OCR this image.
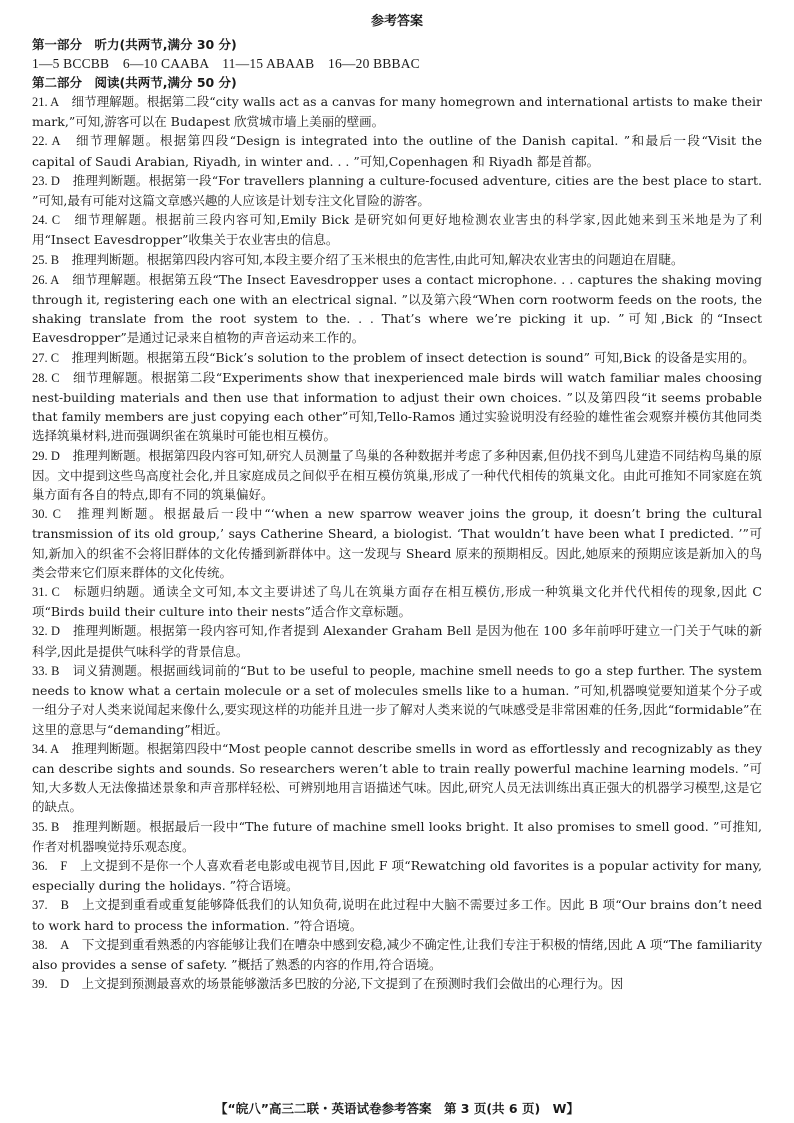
参考答案
第一部分　听力(共两节,满分 30 分)
1—5 BCCBB　6—10 CAABA　11—15 ABAAB　16—20 BBBAC
第二部分　阅读(共两节,满分 50 分)

21. A　 细节理解题。根据第二段“city walls act as a canvas for many homegrown and international artists to make their mark,”可知,游客可以在 Budapest 欣赏城市墙上美丽的壁画。

22. A　 细节理解题。根据第四段“Design is integrated into the outline of the Danish capital. ”和最后一段“Visit the capital of Saudi Arabian, Riyadh, in winter and. . . ”可知,Copenhagen 和 Riyadh 都是首都。

23. D　 推理判断题。根据第一段“For travellers planning a culture-focused adventure, cities are the best place to start. ”可知,最有可能对这篇文章感兴趣的人应该是计划专注文化冒险的游客。

24. C　 细节理解题。根据前三段内容可知,Emily Bick 是研究如何更好地检测农业害虫的科学家,因此她来到玉米地是为了利用“Insect Eavesdropper”收集关于农业害虫的信息。

25. B　 推理判断题。根据第四段内容可知,本段主要介绍了玉米根虫的危害性,由此可知,解决农业害虫的问题迫在眉睫。

26. A　 细节理解题。根据第五段“The Insect Eavesdropper uses a contact microphone. . . captures the shaking moving through it, registering each one with an electrical signal. ”以及第六段“When corn rootworm feeds on the roots, the shaking translate from the root system to the. . . That’s where we’re picking it up. ”可知,Bick 的“Insect Eavesdropper”是通过记录来自植物的声音运动来工作的。

27. C　 推理判断题。根据第五段“Bick’s solution to the problem of insect detection is sound” 可知,Bick 的设备是实用的。

28. C　 细节理解题。根据第二段“Experiments show that inexperienced male birds will watch familiar males choosing nest-building materials and then use that information to adjust their own choices. ”以及第四段“it seems probable that family members are just copying each other”可知,Tello-Ramos 通过实验说明没有经验的雄性雀会观察并模仿其他同类选择筑巢材料,进而强调织雀在筑巢时可能也相互模仿。

29. D　 推理判断题。根据第四段内容可知,研究人员测量了鸟巢的各种数据并考虑了多种因素,但仍找不到鸟儿建造不同结构鸟巢的原因。文中提到这些鸟高度社会化,并且家庭成员之间似乎在相互模仿筑巢,形成了一种代代相传的筑巢文化。由此可推知不同家庭在筑巢方面有各自的特点,即有不同的筑巢偏好。

30. C　 推理判断题。根据最后一段中“‘when a new sparrow weaver joins the group, it doesn’t bring the cultural transmission of its old group,’ says Catherine Sheard, a biologist. ‘That wouldn’t have been what I predicted. ’”可知,新加入的织雀不会将旧群体的文化传播到新群体中。这一发现与 Sheard 原来的预期相反。因此,她原来的预期应该是新加入的鸟类会带来它们原来群体的文化传统。

31. C　 标题归纳题。通读全文可知,本文主要讲述了鸟儿在筑巢方面存在相互模仿,形成一种筑巢文化并代代相传的现象,因此 C 项“Birds build their culture into their nests”适合作文章标题。

32. D　 推理判断题。根据第一段内容可知,作者提到 Alexander Graham Bell 是因为他在 100 多年前呼吁建立一门关于气味的新科学,因此是提供气味科学的背景信息。

33. B　 词义猜测题。根据画线词前的“But to be useful to people, machine smell needs to go a step further. The system needs to know what a certain molecule or a set of molecules smells like to a human. ”可知,机器嗅觉要知道某个分子或一组分子对人类来说闻起来像什么,要实现这样的功能并且进一步了解对人类来说的气味感受是非常困难的任务,因此“formidable”在这里的意思与“demanding”相近。

34. A　 推理判断题。根据第四段中“Most people cannot describe smells in word as effortlessly and recognizably as they can describe sights and sounds. So researchers weren’t able to train really powerful machine learning models. ”可知,大多数人无法像描述景象和声音那样轻松、可辨别地用言语描述气味。因此,研究人员无法训练出真正强大的机器学习模型,这是它的缺点。

35. B　 推理判断题。根据最后一段中“The future of machine smell looks bright. It also promises to smell good. ”可推知,作者对机器嗅觉持乐观态度。

36.　F　 上文提到不是你一个人喜欢看老电影或电视节目,因此 F 项“Rewatching old favorites is a popular activity for many, especially during the holidays. ”符合语境。

37.　B　 上文提到重看或重复能够降低我们的认知负荷,说明在此过程中大脑不需要过多工作。因此 B 项“Our brains don’t need to work hard to process the information. ”符合语境。

38.　A　 下文提到重看熟悉的内容能够让我们在嘈杂中感到安稳,减少不确定性,让我们专注于积极的情绪,因此 A 项“The familiarity also provides a sense of safety. ”概括了熟悉的内容的作用,符合语境。

39.　D　 上文提到预测最喜欢的场景能够激活多巴胺的分泌,下文提到了在预测时我们会做出的心理行为。因

【“皖八”高三二联・英语试卷参考答案　第 3 页(共 6 页)　W】
